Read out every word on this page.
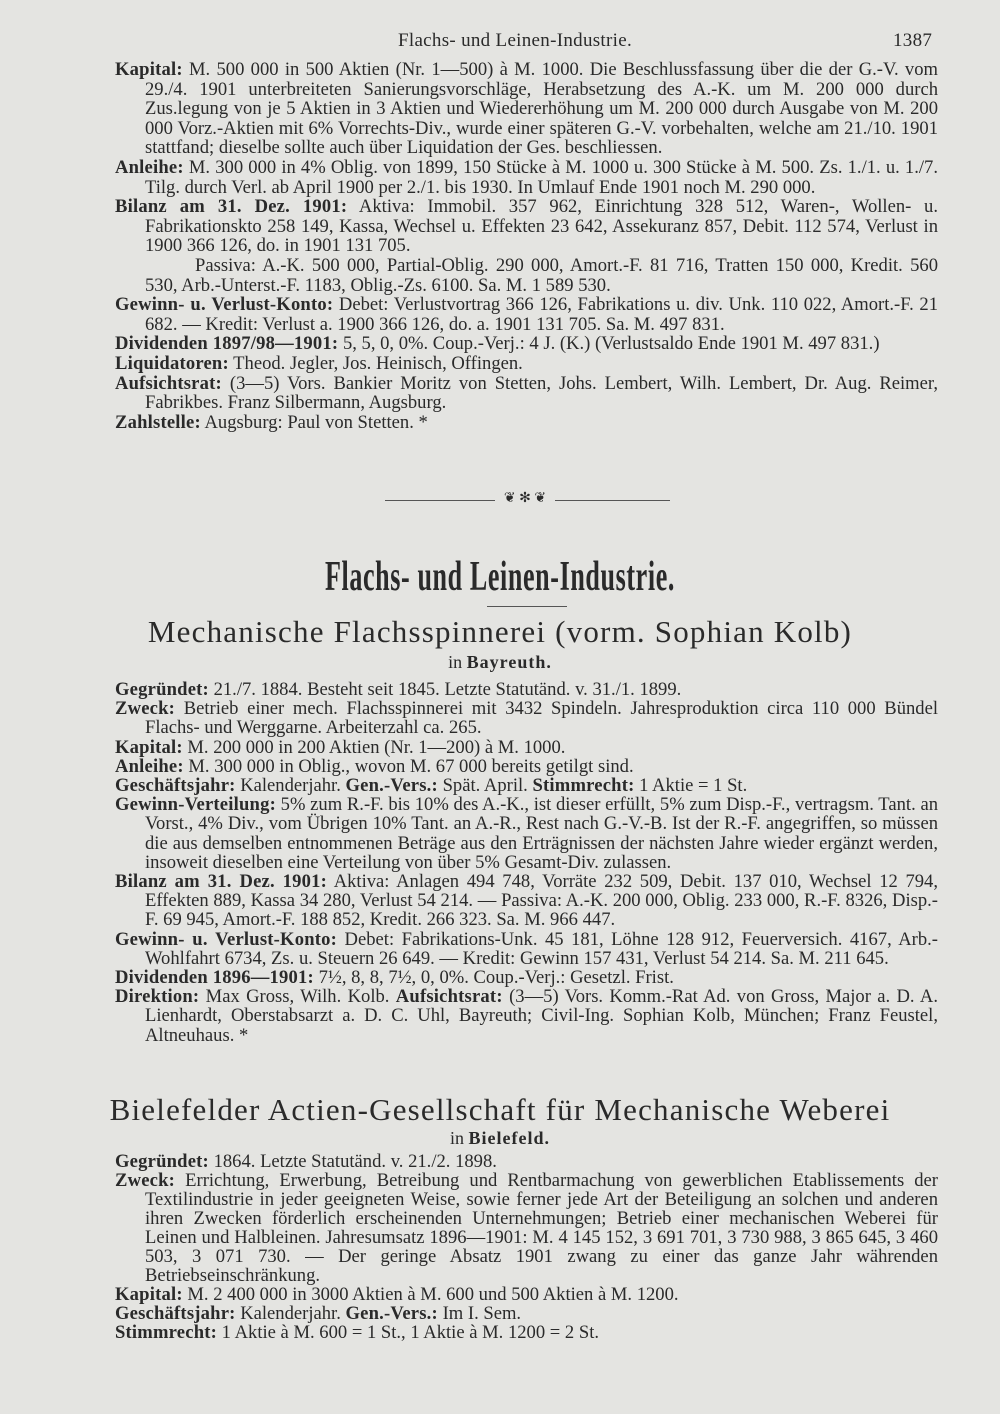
Flachs- und Leinen-Industrie.	1387

Kapital: M. 500 000 in 500 Aktien (Nr. 1—500) à M. 1000. Die Beschlussfassung über die der G.-V. vom 29./4. 1901 unterbreiteten Sanierungsvorschläge, Herabsetzung des A.-K. um M. 200 000 durch Zus.legung von je 5 Aktien in 3 Aktien und Wiedererhöhung um M. 200 000 durch Ausgabe von M. 200 000 Vorz.-Aktien mit 6% Vorrechts-Div., wurde einer späteren G.-V. vorbehalten, welche am 21./10. 1901 stattfand; dieselbe sollte auch über Liquidation der Ges. beschliessen.

Anleihe: M. 300 000 in 4% Oblig. von 1899, 150 Stücke à M. 1000 u. 300 Stücke à M. 500. Zs. 1./1. u. 1./7. Tilg. durch Verl. ab April 1900 per 2./1. bis 1930. In Umlauf Ende 1901 noch M. 290 000.

Bilanz am 31. Dez. 1901: Aktiva: Immobil. 357 962, Einrichtung 328 512, Waren-, Wollen- u. Fabrikationskto 258 149, Kassa, Wechsel u. Effekten 23 642, Assekuranz 857, Debit. 112 574, Verlust in 1900 366 126, do. in 1901 131 705.

Passiva: A.-K. 500 000, Partial-Oblig. 290 000, Amort.-F. 81 716, Tratten 150 000, Kredit. 560 530, Arb.-Unterst.-F. 1183, Oblig.-Zs. 6100. Sa. M. 1 589 530.

Gewinn- u. Verlust-Konto: Debet: Verlustvortrag 366 126, Fabrikations u. div. Unk. 110 022, Amort.-F. 21 682. — Kredit: Verlust a. 1900 366 126, do. a. 1901 131 705. Sa. M. 497 831.

Dividenden 1897/98—1901: 5, 5, 0, 0%. Coup.-Verj.: 4 J. (K.) (Verlustsaldo Ende 1901 M. 497 831.)

Liquidatoren: Theod. Jegler, Jos. Heinisch, Offingen.

Aufsichtsrat: (3—5) Vors. Bankier Moritz von Stetten, Johs. Lembert, Wilh. Lembert, Dr. Aug. Reimer, Fabrikbes. Franz Silbermann, Augsburg.

Zahlstelle: Augsburg: Paul von Stetten. *

❦ ✻ ❦
Flachs- und Leinen-Industrie.
Mechanische Flachsspinnerei (vorm. Sophian Kolb)
in Bayreuth.

Gegründet: 21./7. 1884. Besteht seit 1845. Letzte Statutänd. v. 31./1. 1899.

Zweck: Betrieb einer mech. Flachsspinnerei mit 3432 Spindeln. Jahresproduktion circa 110 000 Bündel Flachs- und Werggarne. Arbeiterzahl ca. 265.

Kapital: M. 200 000 in 200 Aktien (Nr. 1—200) à M. 1000.

Anleihe: M. 300 000 in Oblig., wovon M. 67 000 bereits getilgt sind.

Geschäftsjahr: Kalenderjahr. Gen.-Vers.: Spät. April. Stimmrecht: 1 Aktie = 1 St.

Gewinn-Verteilung: 5% zum R.-F. bis 10% des A.-K., ist dieser erfüllt, 5% zum Disp.-F., vertragsm. Tant. an Vorst., 4% Div., vom Übrigen 10% Tant. an A.-R., Rest nach G.-V.-B. Ist der R.-F. angegriffen, so müssen die aus demselben entnommenen Beträge aus den Erträgnissen der nächsten Jahre wieder ergänzt werden, insoweit dieselben eine Verteilung von über 5% Gesamt-Div. zulassen.

Bilanz am 31. Dez. 1901: Aktiva: Anlagen 494 748, Vorräte 232 509, Debit. 137 010, Wechsel 12 794, Effekten 889, Kassa 34 280, Verlust 54 214. — Passiva: A.-K. 200 000, Oblig. 233 000, R.-F. 8326, Disp.-F. 69 945, Amort.-F. 188 852, Kredit. 266 323. Sa. M. 966 447.

Gewinn- u. Verlust-Konto: Debet: Fabrikations-Unk. 45 181, Löhne 128 912, Feuerversich. 4167, Arb.-Wohlfahrt 6734, Zs. u. Steuern 26 649. — Kredit: Gewinn 157 431, Verlust 54 214. Sa. M. 211 645.

Dividenden 1896—1901: 7½, 8, 8, 7½, 0, 0%. Coup.-Verj.: Gesetzl. Frist.

Direktion: Max Gross, Wilh. Kolb. Aufsichtsrat: (3—5) Vors. Komm.-Rat Ad. von Gross, Major a. D. A. Lienhardt, Oberstabsarzt a. D. C. Uhl, Bayreuth; Civil-Ing. Sophian Kolb, München; Franz Feustel, Altneuhaus. *

Bielefelder Actien-Gesellschaft für Mechanische Weberei
in Bielefeld.

Gegründet: 1864. Letzte Statutänd. v. 21./2. 1898.

Zweck: Errichtung, Erwerbung, Betreibung und Rentbarmachung von gewerblichen Etablissements der Textilindustrie in jeder geeigneten Weise, sowie ferner jede Art der Beteiligung an solchen und anderen ihren Zwecken förderlich erscheinenden Unternehmungen; Betrieb einer mechanischen Weberei für Leinen und Halbleinen. Jahresumsatz 1896—1901: M. 4 145 152, 3 691 701, 3 730 988, 3 865 645, 3 460 503, 3 071 730. — Der geringe Absatz 1901 zwang zu einer das ganze Jahr währenden Betriebseinschränkung.

Kapital: M. 2 400 000 in 3000 Aktien à M. 600 und 500 Aktien à M. 1200.

Geschäftsjahr: Kalenderjahr. Gen.-Vers.: Im I. Sem.

Stimmrecht: 1 Aktie à M. 600 = 1 St., 1 Aktie à M. 1200 = 2 St.
